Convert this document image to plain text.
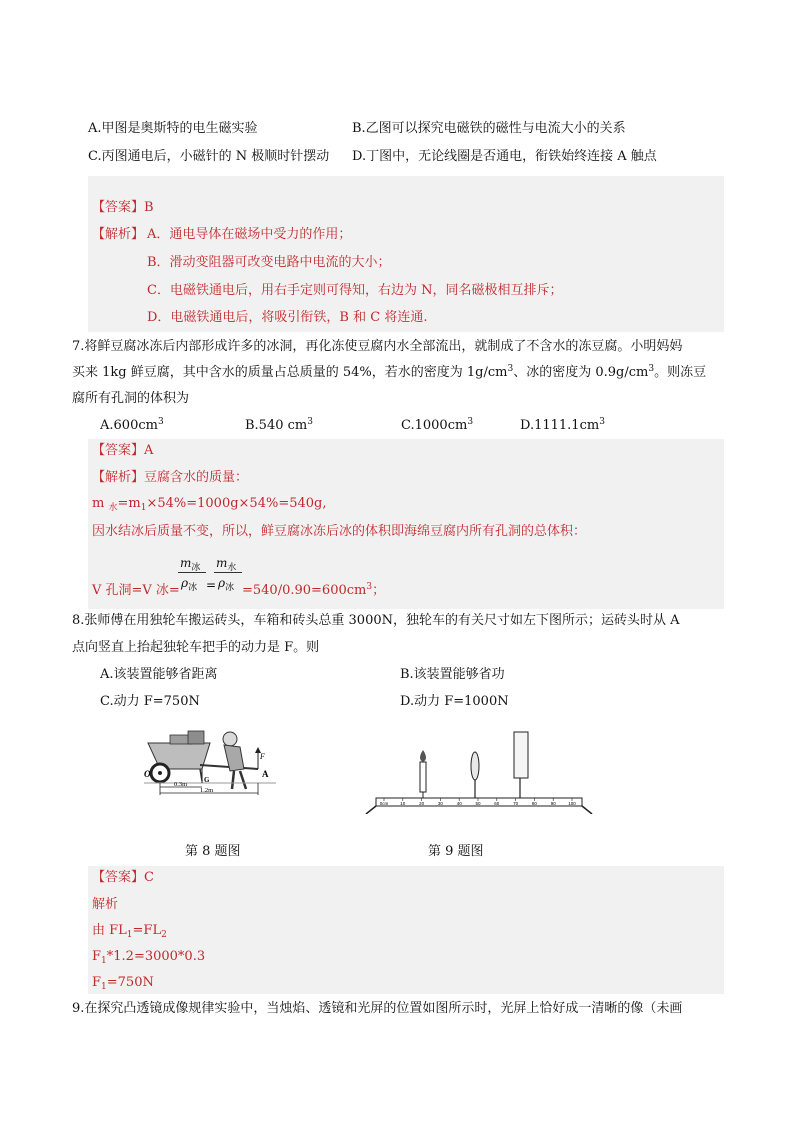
A.甲图是奥斯特的电生磁实验	B.乙图可以探究电磁铁的磁性与电流大小的关系
C.丙图通电后，小磁针的 N 极顺时针摆动 D.丁图中，无论线圈是否通电，衔铁始终连接 A 触点
【答案】B
【解析】 A．通电导体在磁场中受力的作用；
B．滑动变阻器可改变电路中电流的大小；
C．电磁铁通电后，用右手定则可得知，右边为 N，同名磁极相互排斥；
D．电磁铁通电后，将吸引衔铁，B 和 C 将连通.
7.将鲜豆腐冰冻后内部形成许多的冰洞，再化冻使豆腐内水全部流出，就制成了不含水的冻豆腐。小明妈妈
买来 1kg 鲜豆腐，其中含水的质量占总质量的 54%，若水的密度为 $1g/cm^3$、冰的密度为 $0.9g/cm^3$。则冻豆
腐所有孔洞的体积为
$A.600cm^3$	B.540 $cm^3$	$C.1000cm^3$	$D.1111.1cm^3$
【答案】A
【解析】豆腐含水的质量：
m $_水=m_1\times 54\%=1000g\times 54\%=540g$,
因水结冰后质量不变，所以，鲜豆腐冰冻后冰的体积即海绵豆腐内所有孔洞的总体积：
$m_冰$ $m_水$
$\rho_冰 = \rho_冰$
V 孔洞=V 冰=	$=540/0.90=600cm^3$；
8.张师傅在用独轮车搬运砖头，车箱和砖头总重 3000N，独轮车的有关尺寸如左下图所示；运砖头时从 A
点向竖直上抬起独轮车把手的动力是 F。则
A.该装置能够省距离	B.该装置能够省功
C.动力 F=750N	D.动力 F=1000N
F
A
O
G
0.3m
1.2m
0cm	10	20	30	40	50	60	70	80	90	100
第 8 题图	第 9 题图
【答案】C
解析
由 $FL_1=FL_2$
$F_1*1.2=3000*0.3$
$F_1=750N$
9.在探究凸透镜成像规律实验中，当烛焰、透镜和光屏的位置如图所示时，光屏上恰好成一清晰的像（未画
